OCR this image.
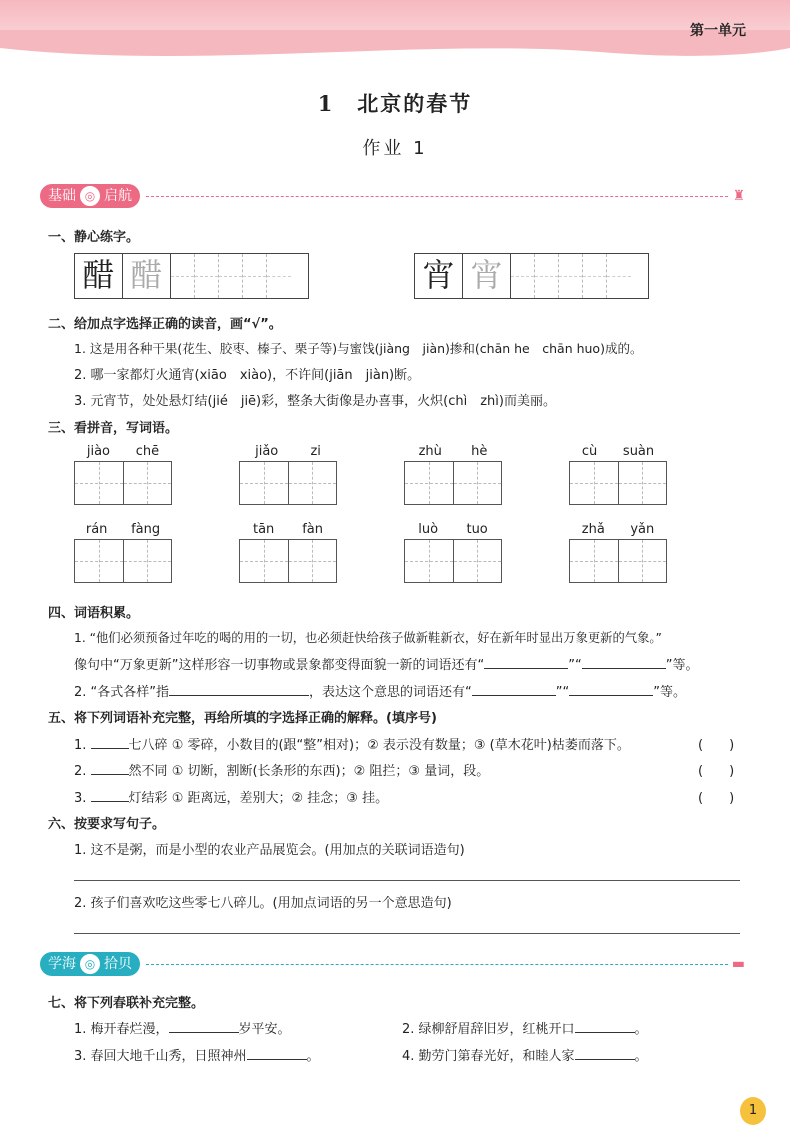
第一单元
1　北京的春节
作业 1
基础 ◎ 启航	♜
一、静心练字。
醋 醋	宵 宵
二、给加点字选择正确的读音，画“√”。
1. 这是用各种干果(花生、胶枣、榛子、栗子等)与蜜饯(jiàng　jiàn)掺和(chān he　chān huo)成的。
2. 哪一家都灯火通宵(xiāo　xiào)，不许间(jiān　jiàn)断。
3. 元宵节，处处悬灯结(jié　jiē)彩，整条大街像是办喜事，火炽(chì　zhì)而美丽。
三、看拼音，写词语。
jiào chē	jiǎo zi	zhù hè	cù suàn
rán fàng	tān fàn	luò tuo	zhǎ yǎn
四、词语积累。
1. “他们必须预备过年吃的喝的用的一切，也必须赶快给孩子做新鞋新衣，好在新年时显出万象更新的气象。”
像句中“万象更新”这样形容一切事物或景象都变得面貌一新的词语还有“	”“	”等。
2. “各式各样”指	，表达这个意思的词语还有“	”“	”等。
五、将下列词语补充完整，再给所填的字选择正确的解释。(填序号)
1.	七八碎 ① 零碎，小数目的(跟“整”相对)；② 表示没有数量；③ (草木花叶)枯萎而落下。	(　　)
2.	然不同 ① 切断，割断(长条形的东西)；② 阻拦；③ 量词，段。	(　　)
3.	灯结彩 ① 距离远，差别大；② 挂念；③ 挂。	(　　)
六、按要求写句子。
1. 这不是粥，而是小型的农业产品展览会。(用加点的关联词语造句)
2. 孩子们喜欢吃这些零七八碎儿。(用加点词语的另一个意思造句)
学海 ◎ 拾贝	▬
七、将下列春联补充完整。
1. 梅开春烂漫，	岁平安。	2. 绿柳舒眉辞旧岁，红桃开口	。
3. 春回大地千山秀，日照神州	。	4. 勤劳门第春光好，和睦人家	。
1
